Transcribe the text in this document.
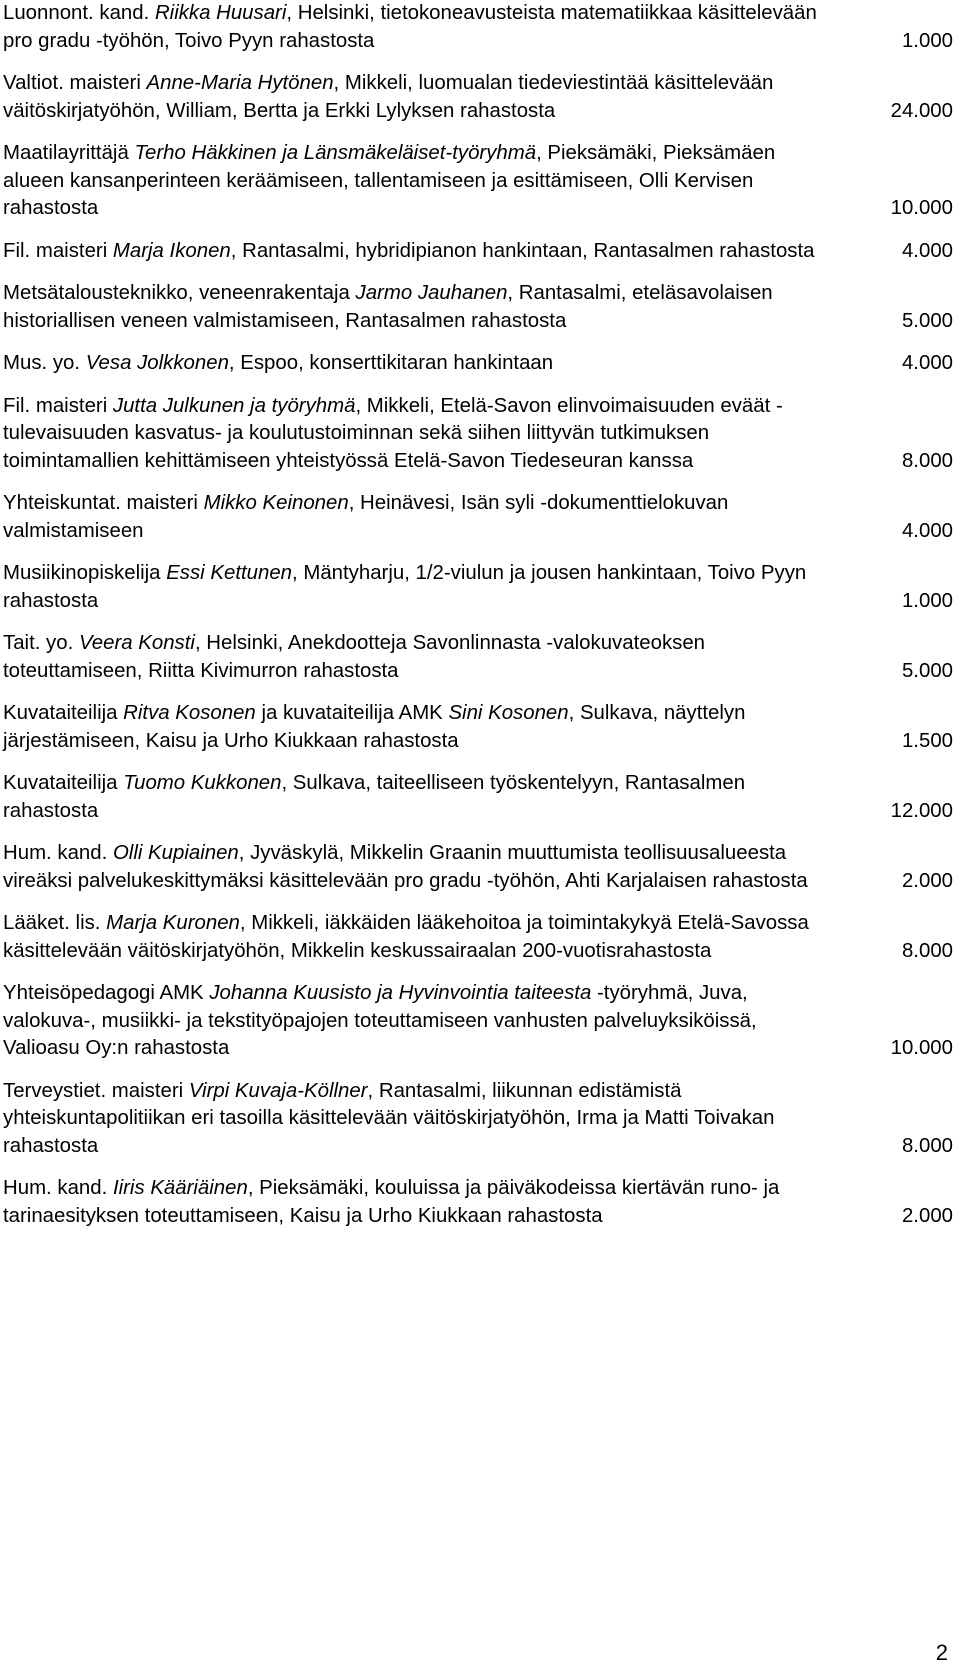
Luonnont. kand. Riikka Huusari, Helsinki, tietokoneavusteista matematiikkaa käsittelevään pro gradu -työhön, Toivo Pyyn rahastosta	1.000
Valtiot. maisteri Anne-Maria Hytönen, Mikkeli, luomualan tiedeviestintää käsittelevään väitöskirjatyöhön, William, Bertta ja Erkki Lylyksen rahastosta	24.000
Maatilayrittäjä Terho Häkkinen ja Länsmäkeläiset-työryhmä, Pieksämäki, Pieksämäen alueen kansanperinteen keräämiseen, tallentamiseen ja esittämiseen, Olli Kervisen rahastosta	10.000
Fil. maisteri Marja Ikonen, Rantasalmi, hybridipianon hankintaan, Rantasalmen rahastosta	4.000
Metsätalousteknikko, veneenrakentaja Jarmo Jauhanen, Rantasalmi, eteläsavolaisen historiallisen veneen valmistamiseen, Rantasalmen rahastosta	5.000
Mus. yo. Vesa Jolkkonen, Espoo, konserttikitaran hankintaan	4.000
Fil. maisteri Jutta Julkunen ja työryhmä, Mikkeli, Etelä-Savon elinvoimaisuuden eväät - tulevaisuuden kasvatus- ja koulutustoiminnan sekä siihen liittyvän tutkimuksen toimintamallien kehittämiseen yhteistyössä Etelä-Savon Tiedeseuran kanssa	8.000
Yhteiskuntat. maisteri Mikko Keinonen, Heinävesi, Isän syli -dokumenttielokuvan valmistamiseen	4.000
Musiikinopiskelija Essi Kettunen, Mäntyharju, 1/2-viulun ja jousen hankintaan, Toivo Pyyn rahastosta	1.000
Tait. yo. Veera Konsti, Helsinki, Anekdootteja Savonlinnasta -valokuvateoksen toteuttamiseen, Riitta Kivimurron rahastosta	5.000
Kuvataiteilija Ritva Kosonen ja kuvataiteilija AMK Sini Kosonen, Sulkava, näyttelyn järjestämiseen, Kaisu ja Urho Kiukkaan rahastosta	1.500
Kuvataiteilija Tuomo Kukkonen, Sulkava, taiteelliseen työskentelyyn, Rantasalmen rahastosta	12.000
Hum. kand. Olli Kupiainen, Jyväskylä, Mikkelin Graanin muuttumista teollisuusalueesta vireäksi palvelukeskittymäksi käsittelevään pro gradu -työhön, Ahti Karjalaisen rahastosta	2.000
Lääket. lis. Marja Kuronen, Mikkeli, iäkkäiden lääkehoitoa ja toimintakykyä Etelä-Savossa käsittelevään väitöskirjatyöhön, Mikkelin keskussairaalan 200-vuotisrahastosta	8.000
Yhteisöpedagogi AMK Johanna Kuusisto ja Hyvinvointia taiteesta -työryhmä, Juva, valokuva-, musiikki- ja tekstityöpajojen toteuttamiseen vanhusten palveluyksiköissä, Valioasu Oy:n rahastosta	10.000
Terveystiet. maisteri Virpi Kuvaja-Köllner, Rantasalmi, liikunnan edistämistä yhteiskuntapolitiikan eri tasoilla käsittelevään väitöskirjatyöhön, Irma ja Matti Toivakan rahastosta	8.000
Hum. kand. Iiris Kääriäinen, Pieksämäki, kouluissa ja päiväkodeissa kiertävän runo- ja tarinaesityksen toteuttamiseen, Kaisu ja Urho Kiukkaan rahastosta	2.000
2
